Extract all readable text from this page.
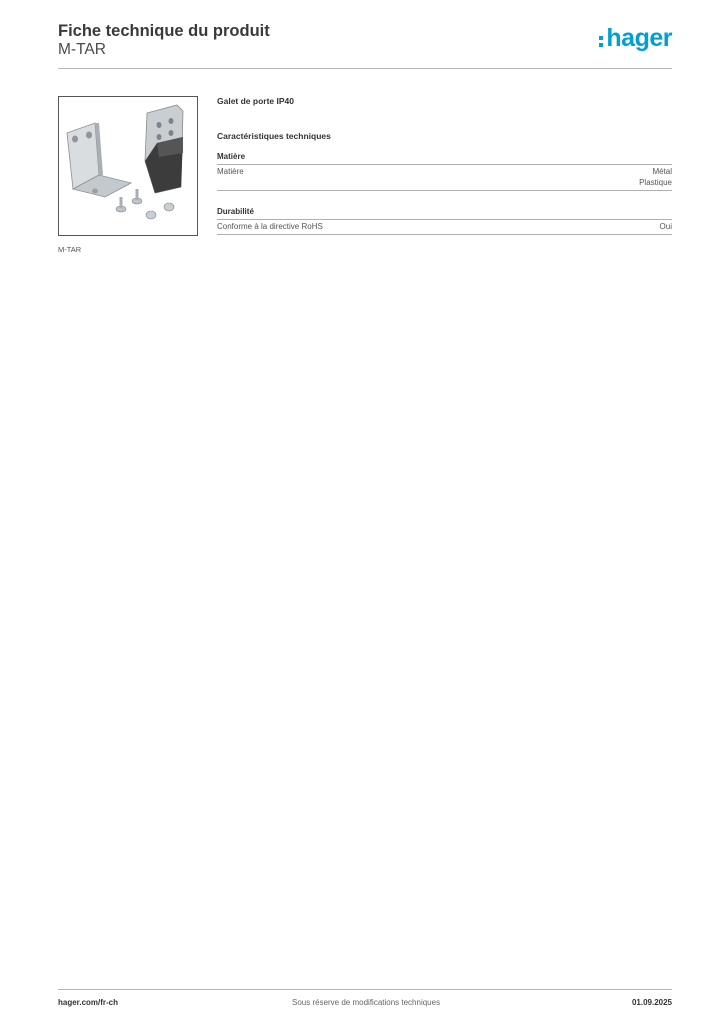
Fiche technique du produit
M-TAR	hager
M-TAR
Galet de porte IP40
Caractéristiques techniques
Matière
Matière	Métal
Plastique
Durabilité
Conforme à la directive RoHS	Oui
hager.com/fr-ch	Sous réserve de modifications techniques	01.09.2025
